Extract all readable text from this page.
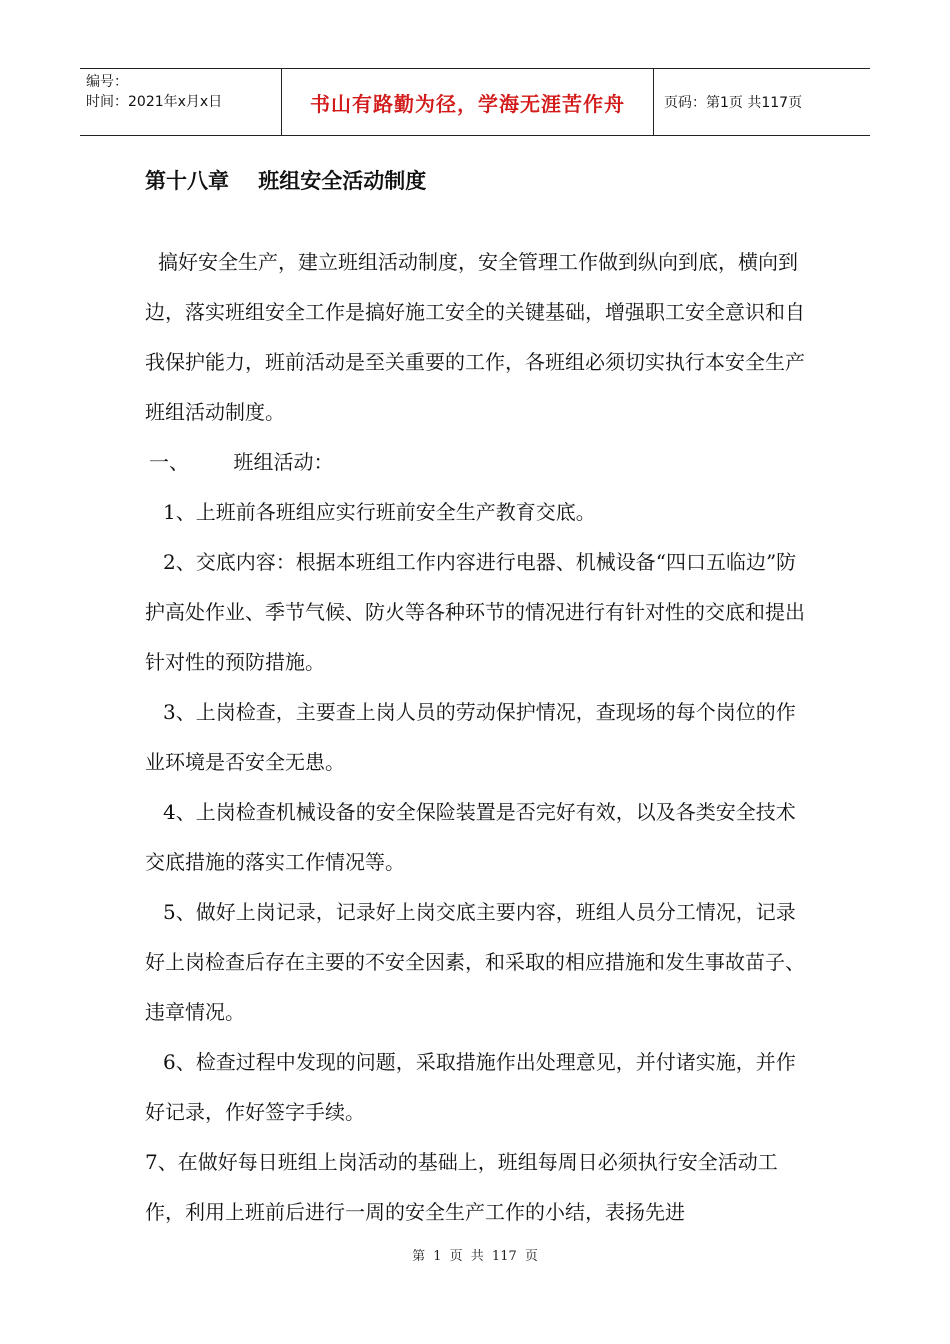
编号：
时间：2021年x月x日	书山有路勤为径，学海无涯苦作舟	页码：第1页 共117页
第十八章    班组安全活动制度

搞好安全生产，建立班组活动制度，安全管理工作做到纵向到底，横向到边，落实班组安全工作是搞好施工安全的关键基础，增强职工安全意识和自我保护能力，班前活动是至关重要的工作，各班组必须切实执行本安全生产班组活动制度。

一、       班组活动：

1、上班前各班组应实行班前安全生产教育交底。

2、交底内容：根据本班组工作内容进行电器、机械设备“四口五临边”防护高处作业、季节气候、防火等各种环节的情况进行有针对性的交底和提出针对性的预防措施。

3、上岗检查，主要查上岗人员的劳动保护情况，查现场的每个岗位的作业环境是否安全无患。

4、上岗检查机械设备的安全保险装置是否完好有效，以及各类安全技术交底措施的落实工作情况等。

5、做好上岗记录，记录好上岗交底主要内容，班组人员分工情况，记录好上岗检查后存在主要的不安全因素，和采取的相应措施和发生事故苗子、违章情况。

6、检查过程中发现的问题，采取措施作出处理意见，并付诸实施，并作好记录，作好签字手续。

7、在做好每日班组上岗活动的基础上，班组每周日必须执行安全活动工作，利用上班前后进行一周的安全生产工作的小结，表扬先进

第 1 页 共 117 页
